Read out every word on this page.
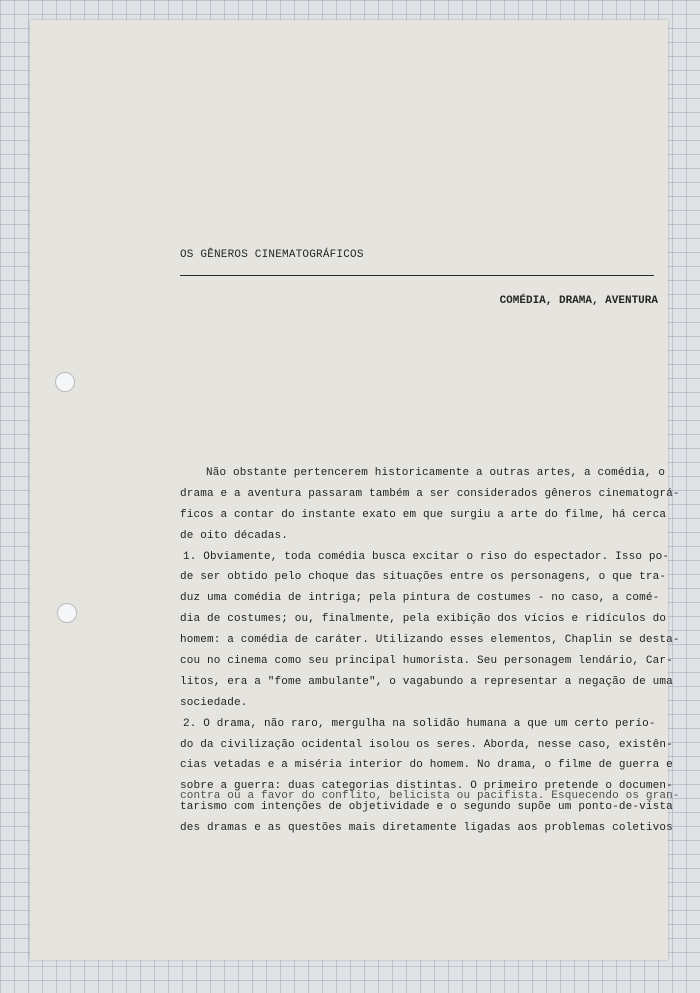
OS GÊNEROS CINEMATOGRÁFICOS
COMÉDIA, DRAMA, AVENTURA
Não obstante pertencerem historicamente a outras artes, a comédia, o
drama e a aventura passaram também a ser considerados gêneros cinematográ-
ficos a contar do instante exato em que surgiu a arte do filme, há cerca
de oito décadas.
1. Obviamente, toda comédia busca excitar o riso do espectador. Isso po-
de ser obtido pelo choque das situações entre os personagens, o que tra-
duz uma comédia de intriga; pela pintura de costumes - no caso, a comé-
dia de costumes; ou, finalmente, pela exibição dos vícios e ridículos do
homem: a comédia de caráter. Utilizando esses elementos, Chaplin se desta-
cou no cinema como seu principal humorista. Seu personagem lendário, Car-
litos, era a "fome ambulante", o vagabundo a representar a negação de uma
sociedade.
2. O drama, não raro, mergulha na solidão humana a que um certo perío-
do da civilização ocidental isolou os seres. Aborda, nesse caso, existên-
cias vetadas e a miséria interior do homem. No drama, o filme de guerra e
sobre a guerra: duas categorias distintas. O primeiro pretende o documen-
tarismo com intenções de objetividade e o segundo supõe um ponto-de-vista
contra ou a favor do conflito, belicista ou pacifista. Esquecendo os gran-
des dramas e as questões mais diretamente ligadas aos problemas coletivos
